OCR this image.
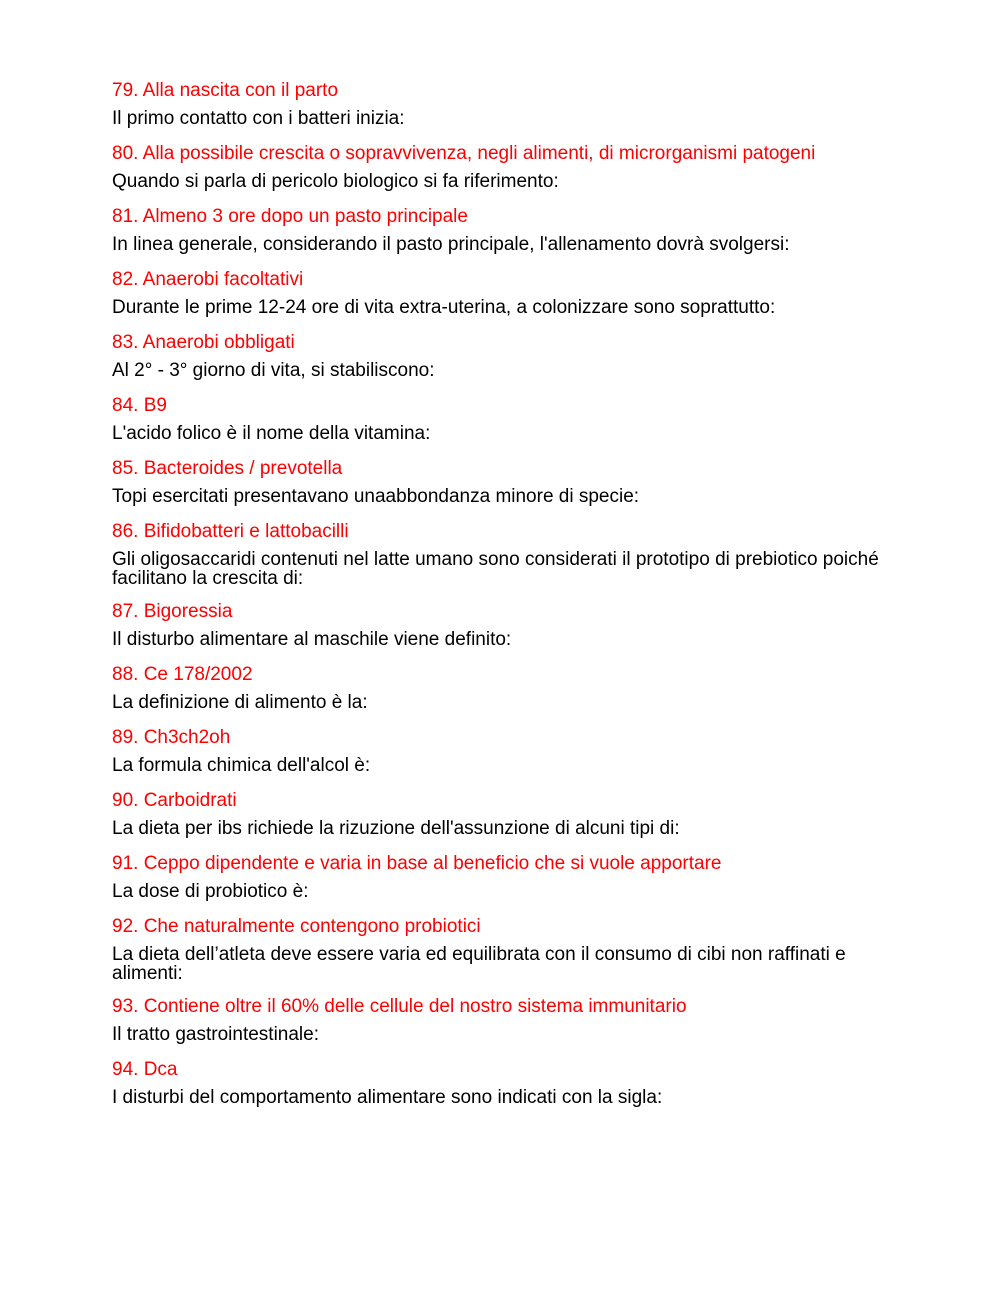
79. Alla nascita con il parto
Il primo contatto con i batteri inizia:
80. Alla possibile crescita o sopravvivenza, negli alimenti, di microrganismi patogeni
Quando si parla di pericolo biologico si fa riferimento:
81. Almeno 3 ore dopo un pasto principale
In linea generale, considerando il pasto principale, l'allenamento dovrà svolgersi:
82. Anaerobi facoltativi
Durante le prime 12-24 ore di vita extra-uterina, a colonizzare sono soprattutto:
83. Anaerobi obbligati
Al 2° - 3° giorno di vita, si stabiliscono:
84. B9
L'acido folico è il nome della vitamina:
85. Bacteroides / prevotella
Topi esercitati presentavano unaabbondanza minore di specie:
86. Bifidobatteri e lattobacilli
Gli oligosaccaridi contenuti nel latte umano sono considerati il prototipo di prebiotico poiché facilitano la crescita di:
87. Bigoressia
Il disturbo alimentare al maschile viene definito:
88. Ce 178/2002
La definizione di alimento è la:
89. Ch3ch2oh
La formula chimica dell'alcol è:
90. Carboidrati
La dieta per ibs richiede la rizuzione dell'assunzione di alcuni tipi di:
91. Ceppo dipendente e varia in base al beneficio che si vuole apportare
La dose di probiotico è:
92. Che naturalmente contengono probiotici
La dieta dell’atleta deve essere varia ed equilibrata con il consumo di cibi non raffinati e alimenti:
93. Contiene oltre il 60% delle cellule del nostro sistema immunitario
Il tratto gastrointestinale:
94. Dca
I disturbi del comportamento alimentare sono indicati con la sigla:
